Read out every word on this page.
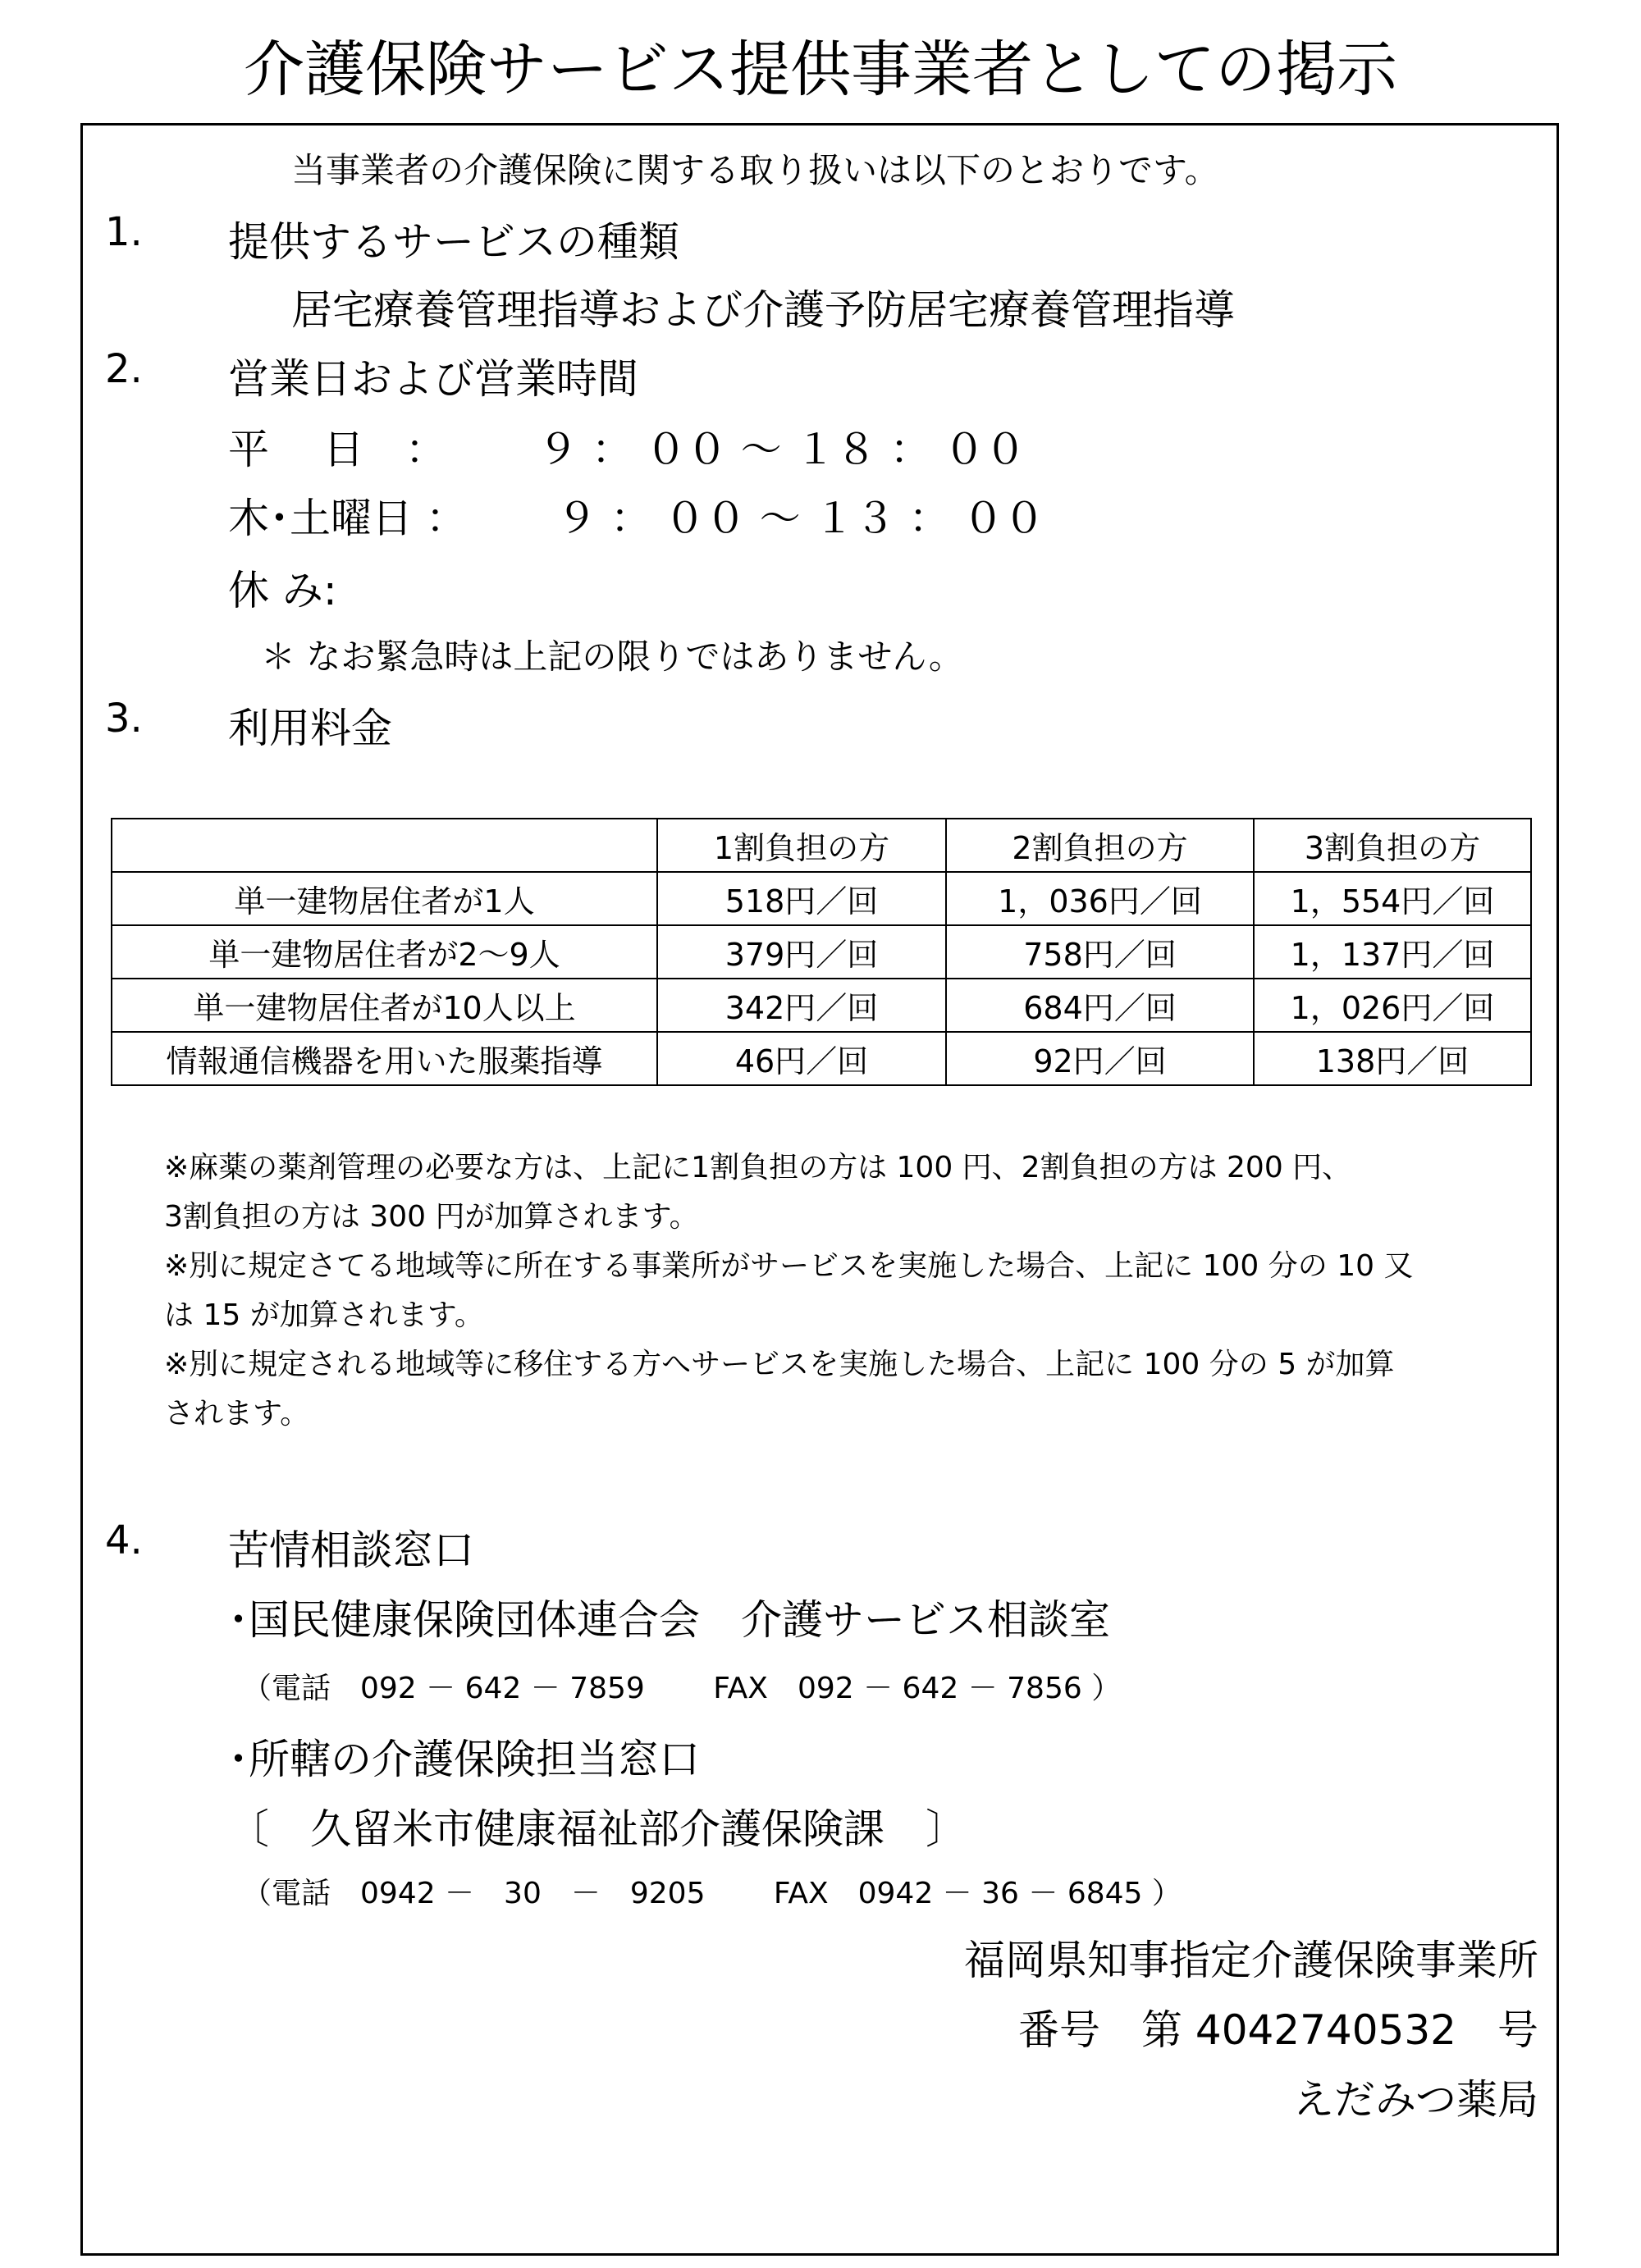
介護保険サービス提供事業者としての掲示
当事業者の介護保険に関する取り扱いは以下のとおりです。
1. 提供するサービスの種類
居宅療養管理指導および介護予防居宅療養管理指導
2. 営業日および営業時間
平　 日　： ９ ： ００ ～ １８ ： ００
木･土曜日 ： ９ ： ００ ～ １３ ： ００
休 み:
＊ なお緊急時は上記の限りではありません。
3. 利用料金
	1割負担の方	2割負担の方	3割負担の方
単一建物居住者が1人	518円／回	1，036円／回	1，554円／回
単一建物居住者が2～9人	379円／回	758円／回	1，137円／回
単一建物居住者が10人以上	342円／回	684円／回	1，026円／回
情報通信機器を用いた服薬指導	46円／回	92円／回	138円／回
※麻薬の薬剤管理の必要な方は、上記に1割負担の方は 100 円、2割負担の方は 200 円、
3割負担の方は 300 円が加算されます。
※別に規定さてる地域等に所在する事業所がサービスを実施した場合、上記に 100 分の 10 又
は 15 が加算されます。
※別に規定される地域等に移住する方へサービスを実施した場合、上記に 100 分の 5 が加算
されます。
4. 苦情相談窓口
･国民健康保険団体連合会　介護サービス相談室
（電話　092 － 642 － 7859　　 FAX　092 － 642 － 7856 ）
･所轄の介護保険担当窓口
〔　久留米市健康福祉部介護保険課　〕
（電話　0942 －　30　－　9205　　 FAX　0942 － 36 － 6845 ）
福岡県知事指定介護保険事業所
番号　第 4042740532　号
えだみつ薬局
